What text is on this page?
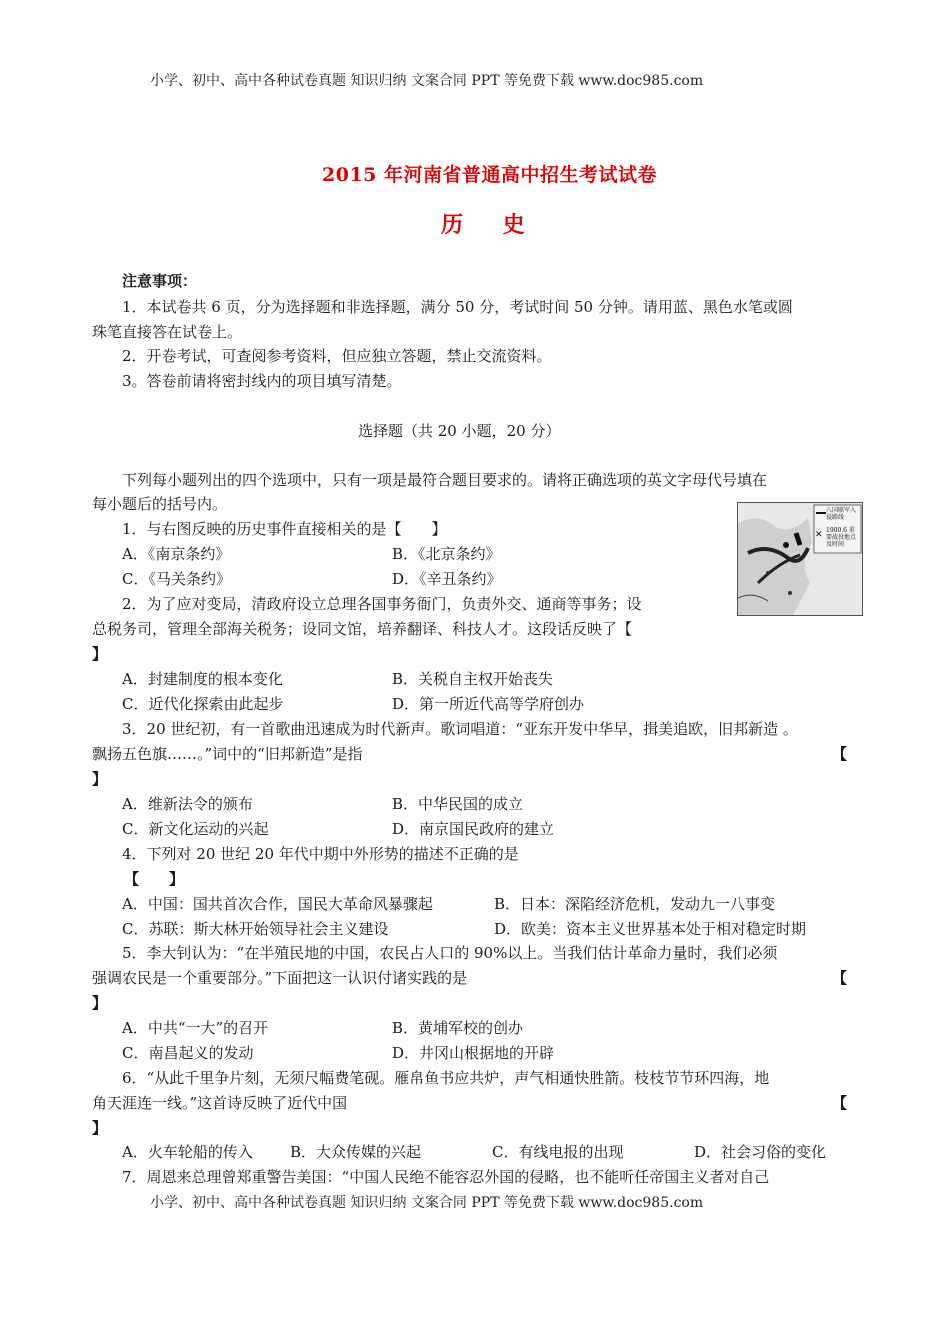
小学、初中、高中各种试卷真题 知识归纳 文案合同 PPT 等免费下载 www.doc985.com
2015 年河南省普通高中招生考试试卷
历 史
注意事项：
1．本试卷共 6 页，分为选择题和非选择题，满分 50 分，考试时间 50 分钟。请用蓝、黑色水笔或圆
珠笔直接答在试卷上。
2．开卷考试，可查阅参考资料，但应独立答题，禁止交流资料。
3。答卷前请将密封线内的项目填写清楚。
选择题（共 20 小题，20 分）
下列每小题列出的四个选项中，只有一项是最符合题目要求的。请将正确选项的英文字母代号填在
每小题后的括号内。
✕
八国联军入侵路线
1900.6 重要战役地点及时间
1．与右图反映的历史事件直接相关的是【　　】
A．《南京条约》	B．《北京条约》
C．《马关条约》	D．《辛丑条约》
2．为了应对变局，清政府设立总理各国事务衙门，负责外交、通商等事务；设
总税务司，管理全部海关税务；设同文馆，培养翻译、科技人才。这段话反映了【
】
A．封建制度的根本变化	B．关税自主权开始丧失
C．近代化探索由此起步	D．第一所近代高等学府创办
3．20 世纪初，有一首歌曲迅速成为时代新声。歌词唱道：“亚东开发中华早，揖美追欧，旧邦新造 。
飘扬五色旗……。”词中的“旧邦新造”是指	【
】
A．维新法令的颁布	B．中华民国的成立
C．新文化运动的兴起	D．南京国民政府的建立
4．下列对 20 世纪 20 年代中期中外形势的描述不正确的是
【　　】
A．中国：国共首次合作，国民大革命风暴骤起	B．日本：深陷经济危机，发动九一八事变
C．苏联：斯大林开始领导社会主义建设	D．欧美：资本主义世界基本处于相对稳定时期
5．李大钊认为：“在半殖民地的中国，农民占人口的 90%以上。当我们估计革命力量时，我们必须
强调农民是一个重要部分。”下面把这一认识付诸实践的是	【
】
A．中共“一大”的召开	B．黄埔军校的创办
C．南昌起义的发动	D．井冈山根据地的开辟
6．“从此千里争片刻，无须尺幅费笔砚。雁帛鱼书应共炉，声气相通快胜箭。枝枝节节环四海，地
角天涯连一线。”这首诗反映了近代中国	【
】
A．火车轮船的传入 B．大众传媒的兴起	C．有线电报的出现	D．社会习俗的变化
7．周恩来总理曾郑重警告美国：“中国人民绝不能容忍外国的侵略，也不能听任帝国主义者对自己
小学、初中、高中各种试卷真题 知识归纳 文案合同 PPT 等免费下载 www.doc985.com
